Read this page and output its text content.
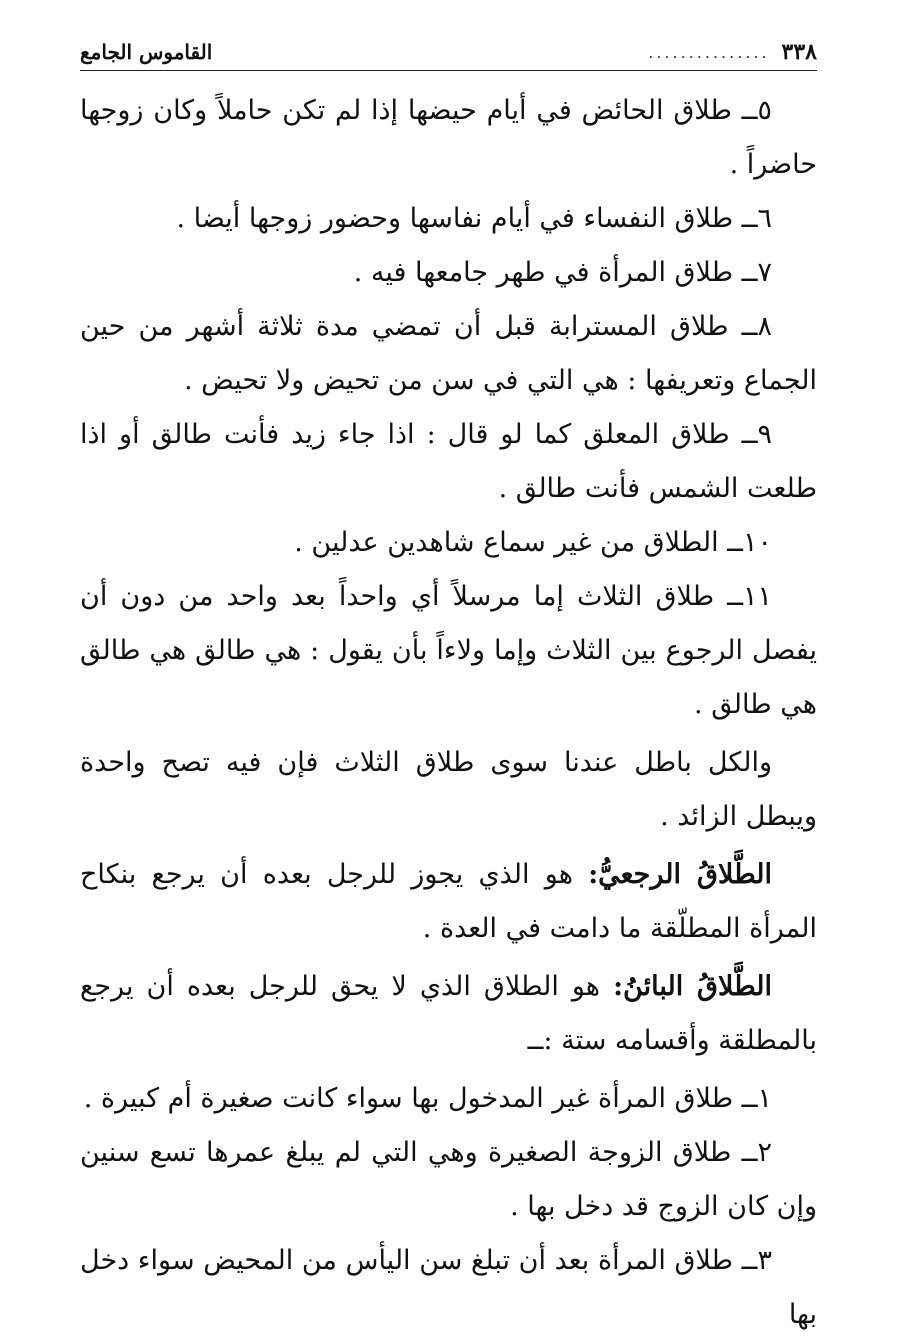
٣٣٨
...............
القاموس الجامع

٥ــ طلاق الحائض في أيام حيضها إذا لم تكن حاملاً وكان زوجها حاضراً .

٦ــ طلاق النفساء في أيام نفاسها وحضور زوجها أيضا .

٧ــ طلاق المرأة في طهر جامعها فيه .

٨ــ طلاق المسترابة قبل أن تمضي مدة ثلاثة أشهر من حين الجماع وتعريفها : هي التي في سن من تحيض ولا تحيض .

٩ــ طلاق المعلق كما لو قال : اذا جاء زيد فأنت طالق أو اذا طلعت الشمس فأنت طالق .

١٠ــ الطلاق من غير سماع شاهدين عدلين .

١١ــ طلاق الثلاث إما مرسلاً أي واحداً بعد واحد من دون أن يفصل الرجوع بين الثلاث وإما ولاءاً بأن يقول : هي طالق هي طالق هي طالق .

والكل باطل عندنا سوى طلاق الثلاث فإن فيه تصح واحدة ويبطل الزائد .

الطَّلاقُ الرجعيُّ: هو الذي يجوز للرجل بعده أن يرجع بنكاح المرأة المطلّقة ما دامت في العدة .

الطَّلاقُ البائنُ: هو الطلاق الذي لا يحق للرجل بعده أن يرجع بالمطلقة وأقسامه ستة :ــ

١ــ طلاق المرأة غير المدخول بها سواء كانت صغيرة أم كبيرة .

٢ــ طلاق الزوجة الصغيرة وهي التي لم يبلغ عمرها تسع سنين وإن كان الزوج قد دخل بها .

٣ــ طلاق المرأة بعد أن تبلغ سن اليأس من المحيض سواء دخل بها
